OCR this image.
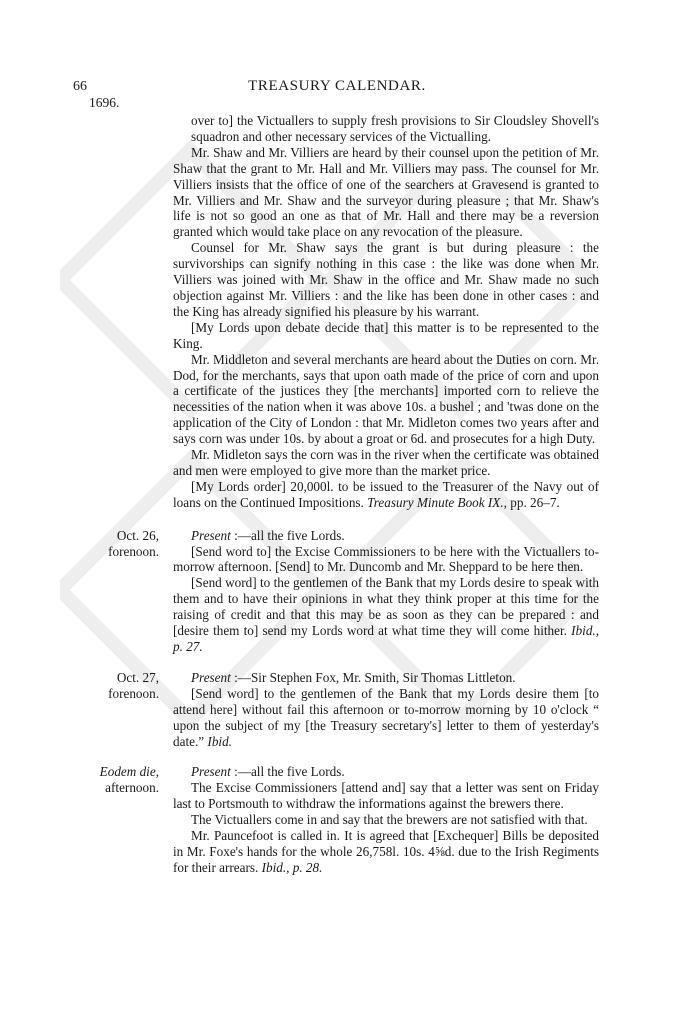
66	TREASURY CALENDAR.
1696.

over to] the Victuallers to supply fresh provisions to Sir Cloudsley Shovell's squadron and other necessary services of the Victualling.

Mr. Shaw and Mr. Villiers are heard by their counsel upon the petition of Mr. Shaw that the grant to Mr. Hall and Mr. Villiers may pass. The counsel for Mr. Villiers insists that the office of one of the searchers at Gravesend is granted to Mr. Villiers and Mr. Shaw and the surveyor during pleasure ; that Mr. Shaw's life is not so good an one as that of Mr. Hall and there may be a reversion granted which would take place on any revocation of the pleasure.

Counsel for Mr. Shaw says the grant is but during pleasure : the survivorships can signify nothing in this case : the like was done when Mr. Villiers was joined with Mr. Shaw in the office and Mr. Shaw made no such objection against Mr. Villiers : and the like has been done in other cases : and the King has already signified his pleasure by his warrant.

[My Lords upon debate decide that] this matter is to be represented to the King.

Mr. Middleton and several merchants are heard about the Duties on corn. Mr. Dod, for the merchants, says that upon oath made of the price of corn and upon a certificate of the justices they [the merchants] imported corn to relieve the necessities of the nation when it was above 10s. a bushel ; and 'twas done on the application of the City of London : that Mr. Midleton comes two years after and says corn was under 10s. by about a groat or 6d. and prosecutes for a high Duty.

Mr. Midleton says the corn was in the river when the certificate was obtained and men were employed to give more than the market price.

[My Lords order] 20,000l. to be issued to the Treasurer of the Navy out of loans on the Continued Impositions. Treasury Minute Book IX., pp. 26–7.

Oct. 26,
forenoon.

Present :—all the five Lords.

[Send word to] the Excise Commissioners to be here with the Victuallers to-morrow afternoon. [Send] to Mr. Duncomb and Mr. Sheppard to be here then.

[Send word] to the gentlemen of the Bank that my Lords desire to speak with them and to have their opinions in what they think proper at this time for the raising of credit and that this may be as soon as they can be prepared : and [desire them to] send my Lords word at what time they will come hither. Ibid., p. 27.

Oct. 27,
forenoon.

Present :—Sir Stephen Fox, Mr. Smith, Sir Thomas Littleton.

[Send word] to the gentlemen of the Bank that my Lords desire them [to attend here] without fail this afternoon or to-morrow morning by 10 o'clock “ upon the subject of my [the Treasury secretary's] letter to them of yesterday's date.” Ibid.

Eodem die,
afternoon.

Present :—all the five Lords.

The Excise Commissioners [attend and] say that a letter was sent on Friday last to Portsmouth to withdraw the informations against the brewers there.

The Victuallers come in and say that the brewers are not satisfied with that.

Mr. Pauncefoot is called in. It is agreed that [Exchequer] Bills be deposited in Mr. Foxe's hands for the whole 26,758l. 10s. 4⅝d. due to the Irish Regiments for their arrears. Ibid., p. 28.
